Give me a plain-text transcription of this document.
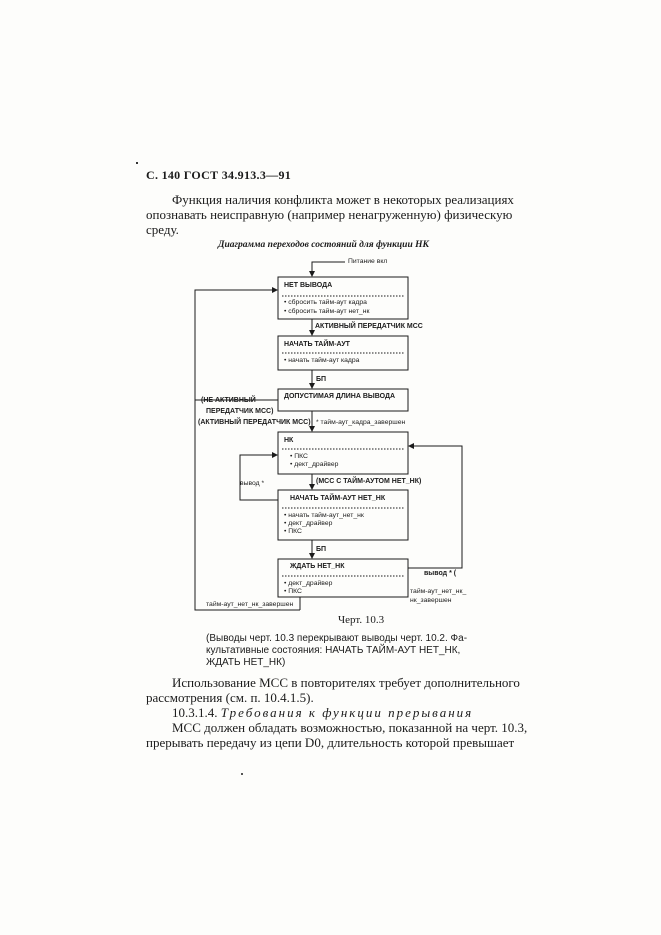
С. 140 ГОСТ 34.913.3—91
Функция наличия конфликта может в некоторых реализациях
опознавать неисправную (например ненагруженную) физическую
среду.
Диаграмма переходов состояний для функции НК
Питание вкл
НЕТ ВЫВОДА
• сбросить тайм-аут кадра
• сбросить тайм-аут нет_нк
АКТИВНЫЙ ПЕРЕДАТЧИК МСС
НАЧАТЬ ТАЙМ-АУТ
• начать тайм-аут кадра
БП
ДОПУСТИМАЯ ДЛИНА ВЫВОДА
(НЕ АКТИВНЫЙ
ПЕРЕДАТЧИК МСС)
(АКТИВНЫЙ ПЕРЕДАТЧИК МСС) * тайм-аут_кадра_завершен
НК
• ПКС
• дект_драйвер
(МСС С ТАЙМ-АУТОМ НЕТ_НК)
вывод *
НАЧАТЬ ТАЙМ-АУТ НЕТ_НК
• начать тайм-аут_нет_нк
• дект_драйвер
• ПКС
БП
ЖДАТЬ НЕТ_НК
• дект_драйвер
• ПКС
вывод * (
тайм-аут_нет_нк_
нк_завершен
тайм-аут_нет_нк_завершен
Черт. 10.3
(Выводы черт. 10.3 перекрывают выводы черт. 10.2. Фа-
культативные состояния: НАЧАТЬ ТАЙМ-АУТ НЕТ_НК,
ЖДАТЬ НЕТ_НК)
Использование МСС в повторителях требует дополнительного
рассмотрения (см. п. 10.4.1.5).
10.3.1.4. Требования к функции прерывания
МСС должен обладать возможностью, показанной на черт. 10.3,
прерывать передачу из цепи D0, длительность которой превышает
